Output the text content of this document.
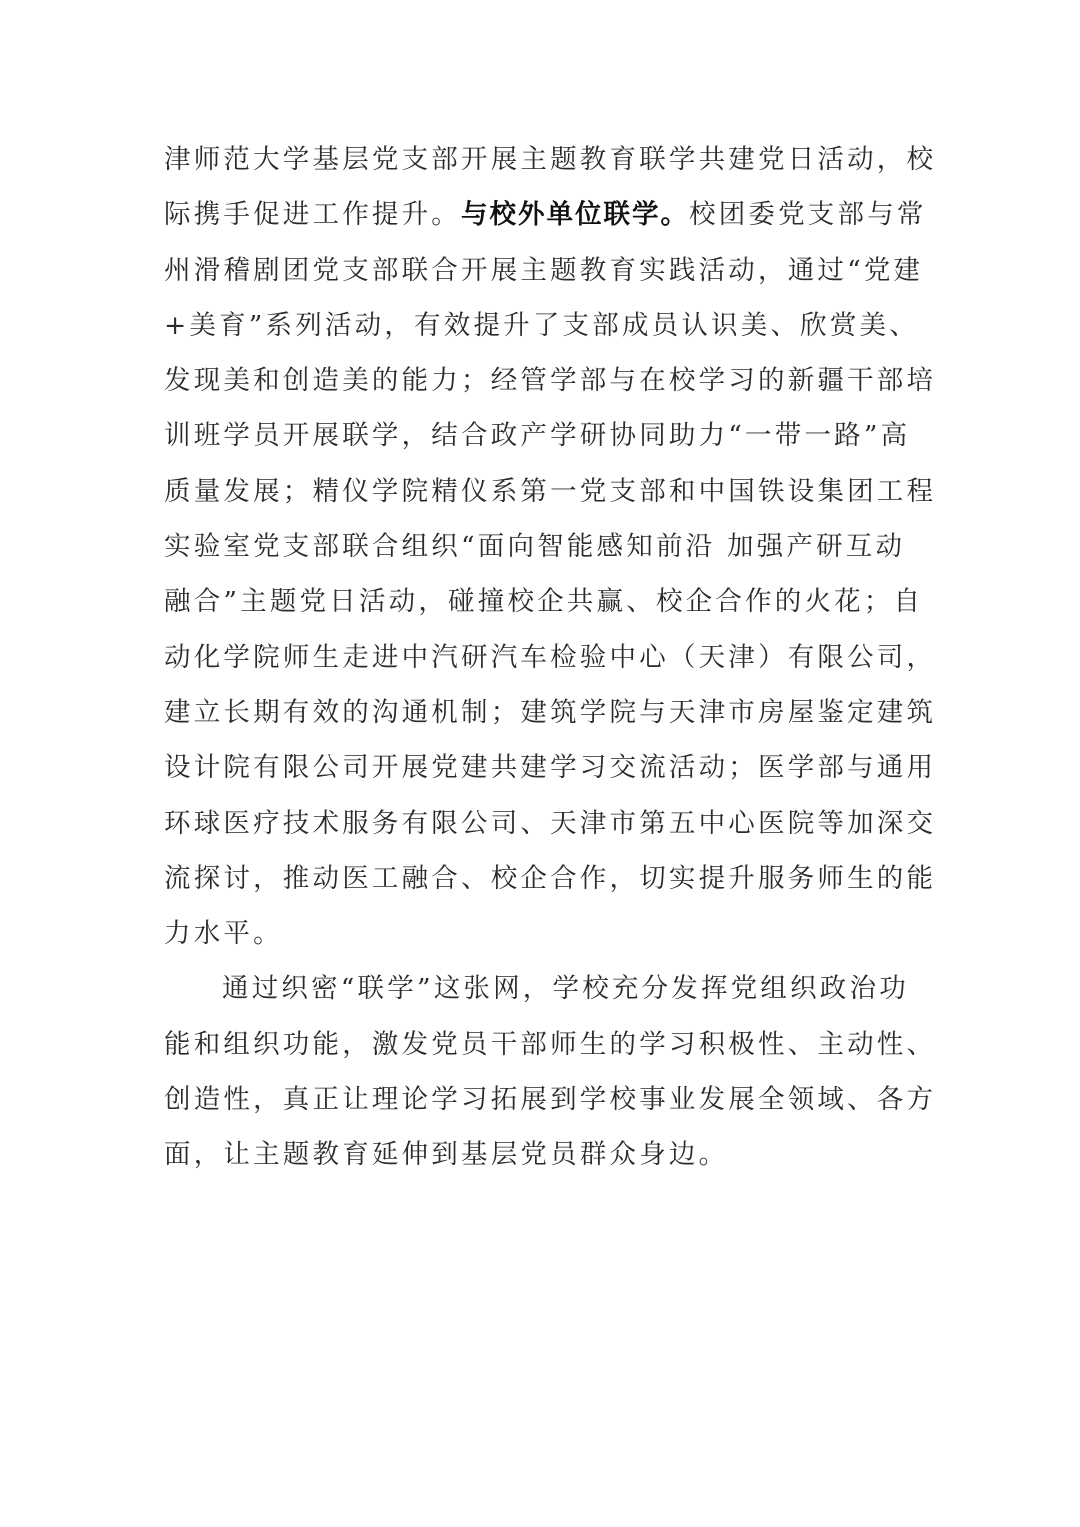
津师范大学基层党支部开展主题教育联学共建党日活动，校
际携手促进工作提升。与校外单位联学。校团委党支部与常
州滑稽剧团党支部联合开展主题教育实践活动，通过“党建
+美育”系列活动，有效提升了支部成员认识美、欣赏美、
发现美和创造美的能力；经管学部与在校学习的新疆干部培
训班学员开展联学，结合政产学研协同助力“一带一路”高
质量发展；精仪学院精仪系第一党支部和中国铁设集团工程
实验室党支部联合组织“面向智能感知前沿 加强产研互动
融合”主题党日活动，碰撞校企共赢、校企合作的火花；自
动化学院师生走进中汽研汽车检验中心（天津）有限公司，
建立长期有效的沟通机制；建筑学院与天津市房屋鉴定建筑
设计院有限公司开展党建共建学习交流活动；医学部与通用
环球医疗技术服务有限公司、天津市第五中心医院等加深交
流探讨，推动医工融合、校企合作，切实提升服务师生的能
力水平。
通过织密“联学”这张网，学校充分发挥党组织政治功
能和组织功能，激发党员干部师生的学习积极性、主动性、
创造性，真正让理论学习拓展到学校事业发展全领域、各方
面，让主题教育延伸到基层党员群众身边。
